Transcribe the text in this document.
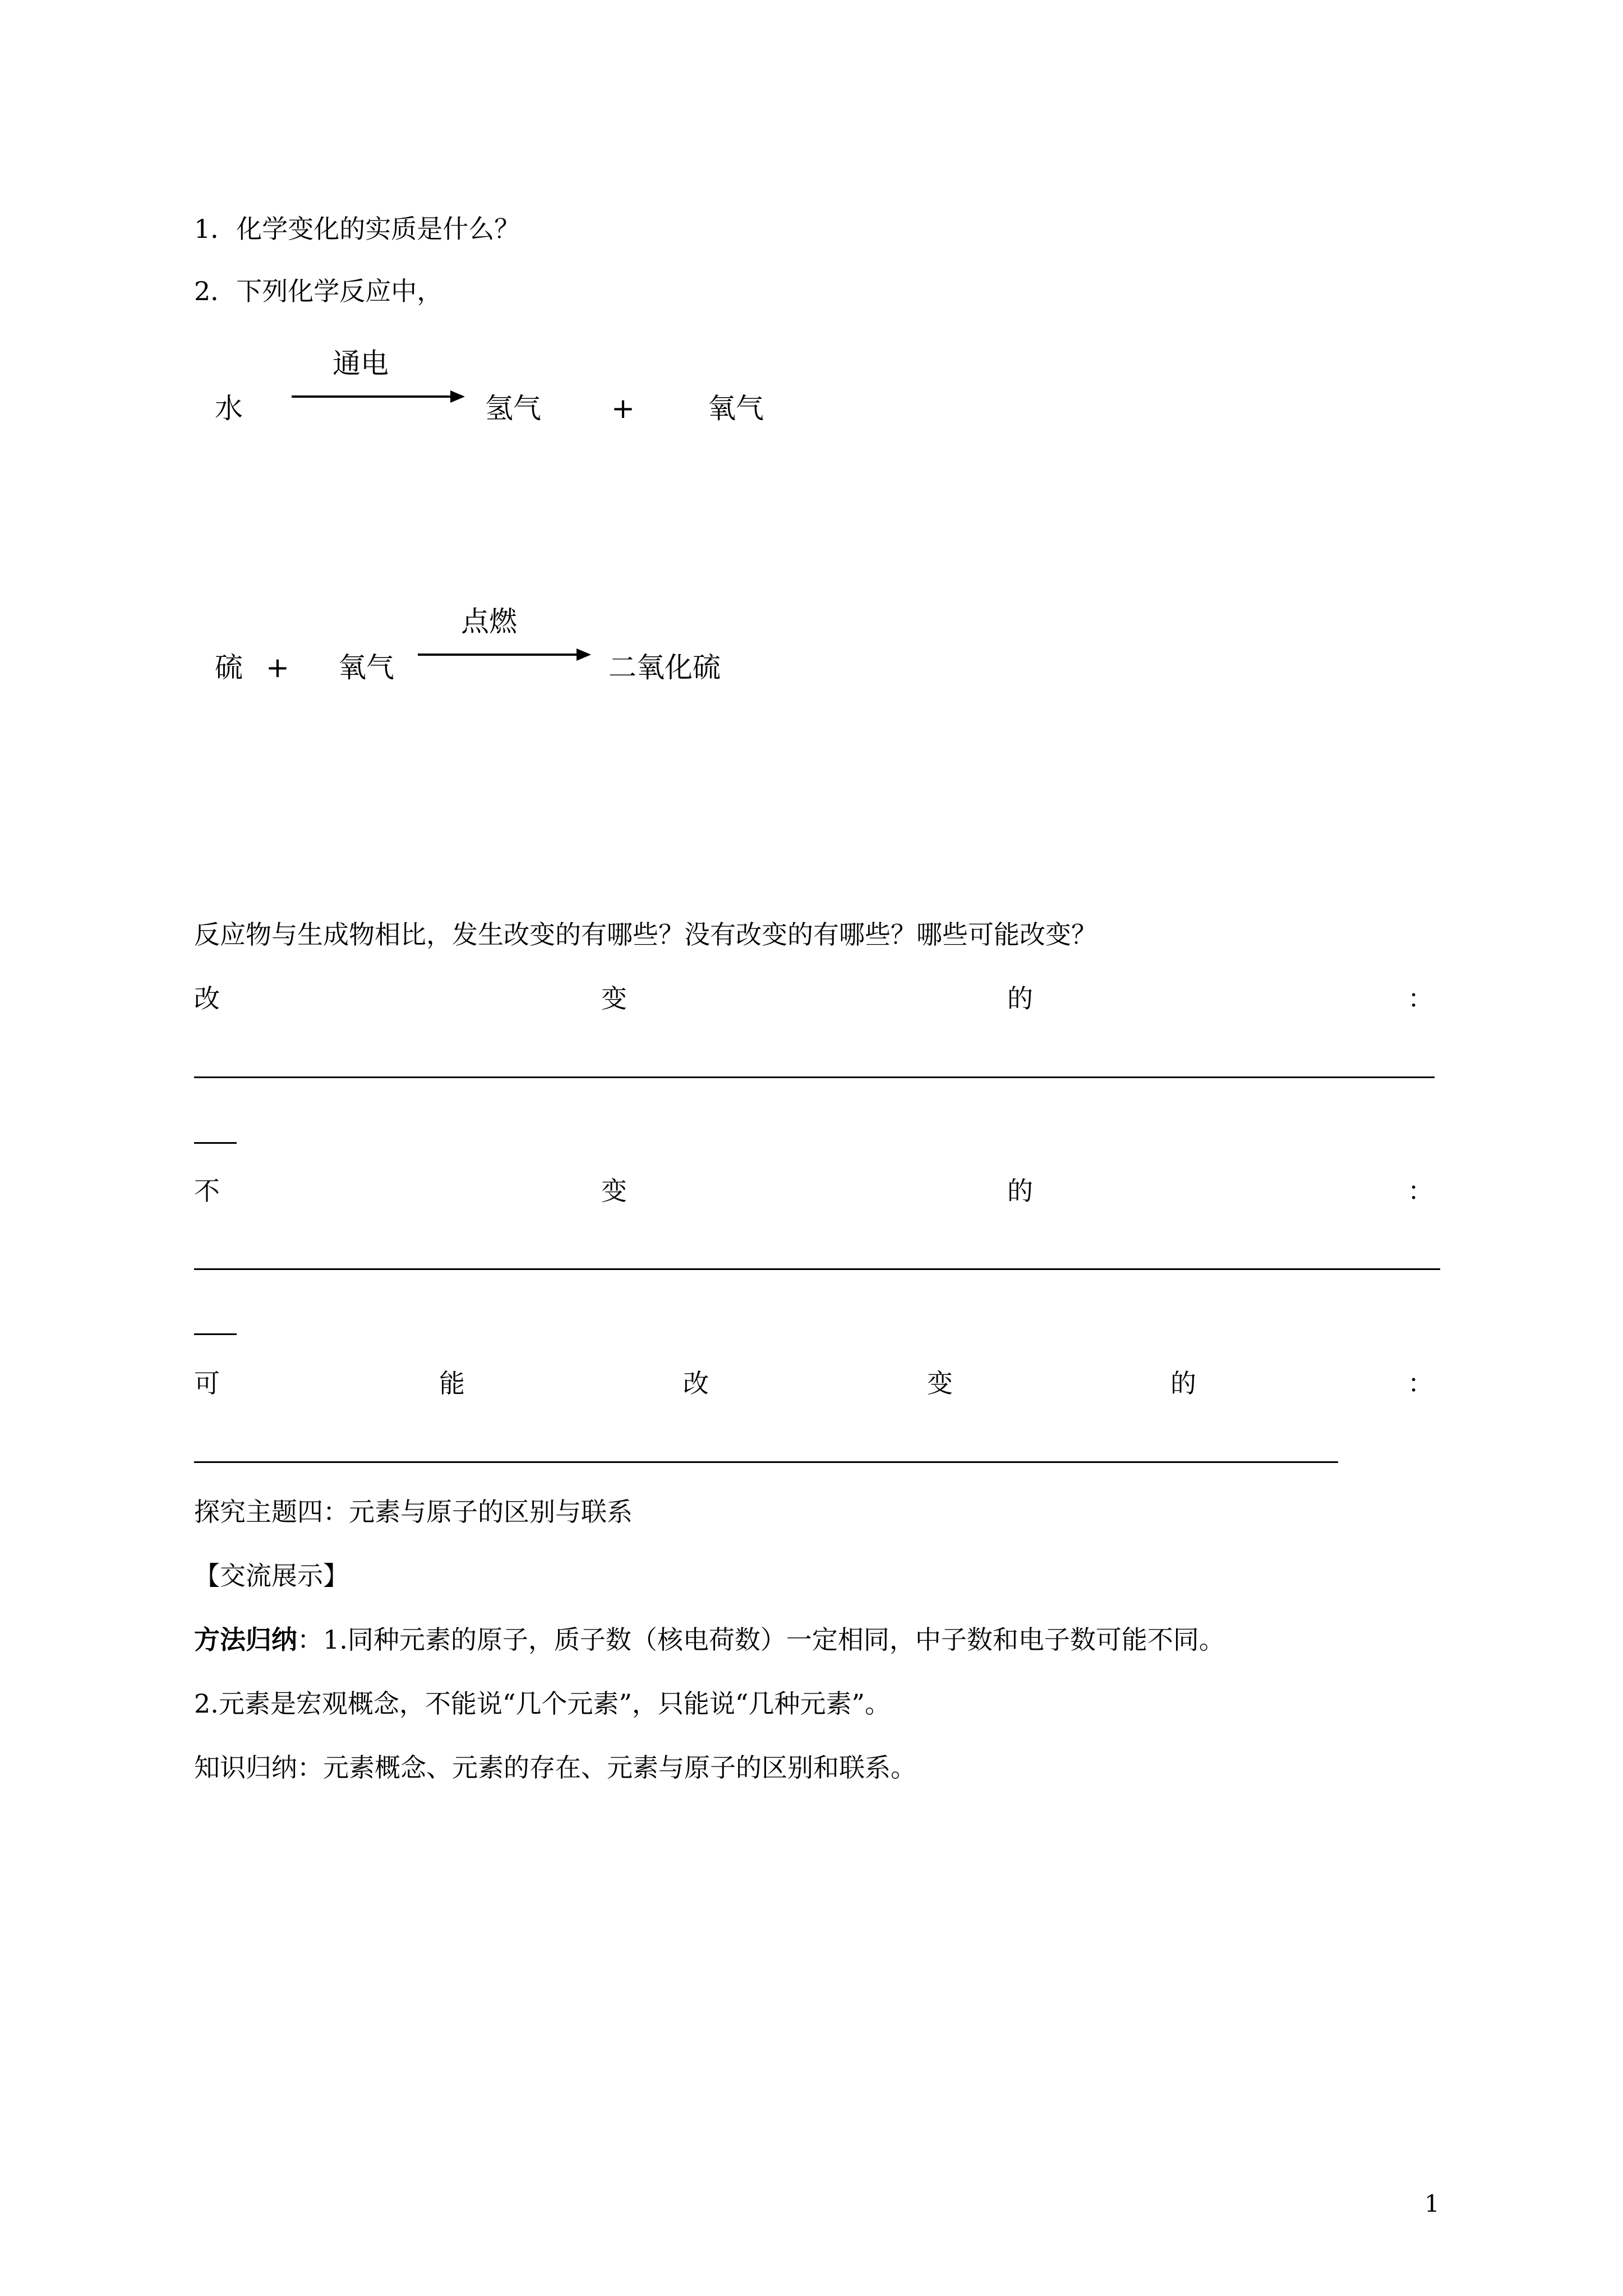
1．化学变化的实质是什么？
2．下列化学反应中，
水
通电
氢气	+	氧气
硫 + 氧气
点燃
二氧化硫
反应物与生成物相比，发生改变的有哪些？没有改变的有哪些？哪些可能改变？
改	变	的	：
不	变	的	：
可	能	改	变	的	：
探究主题四：元素与原子的区别与联系
【交流展示】
方法归纳：1.同种元素的原子，质子数（核电荷数）一定相同，中子数和电子数可能不同。
2.元素是宏观概念，不能说“几个元素”，只能说“几种元素”。
知识归纳：元素概念、元素的存在、元素与原子的区别和联系。
1
